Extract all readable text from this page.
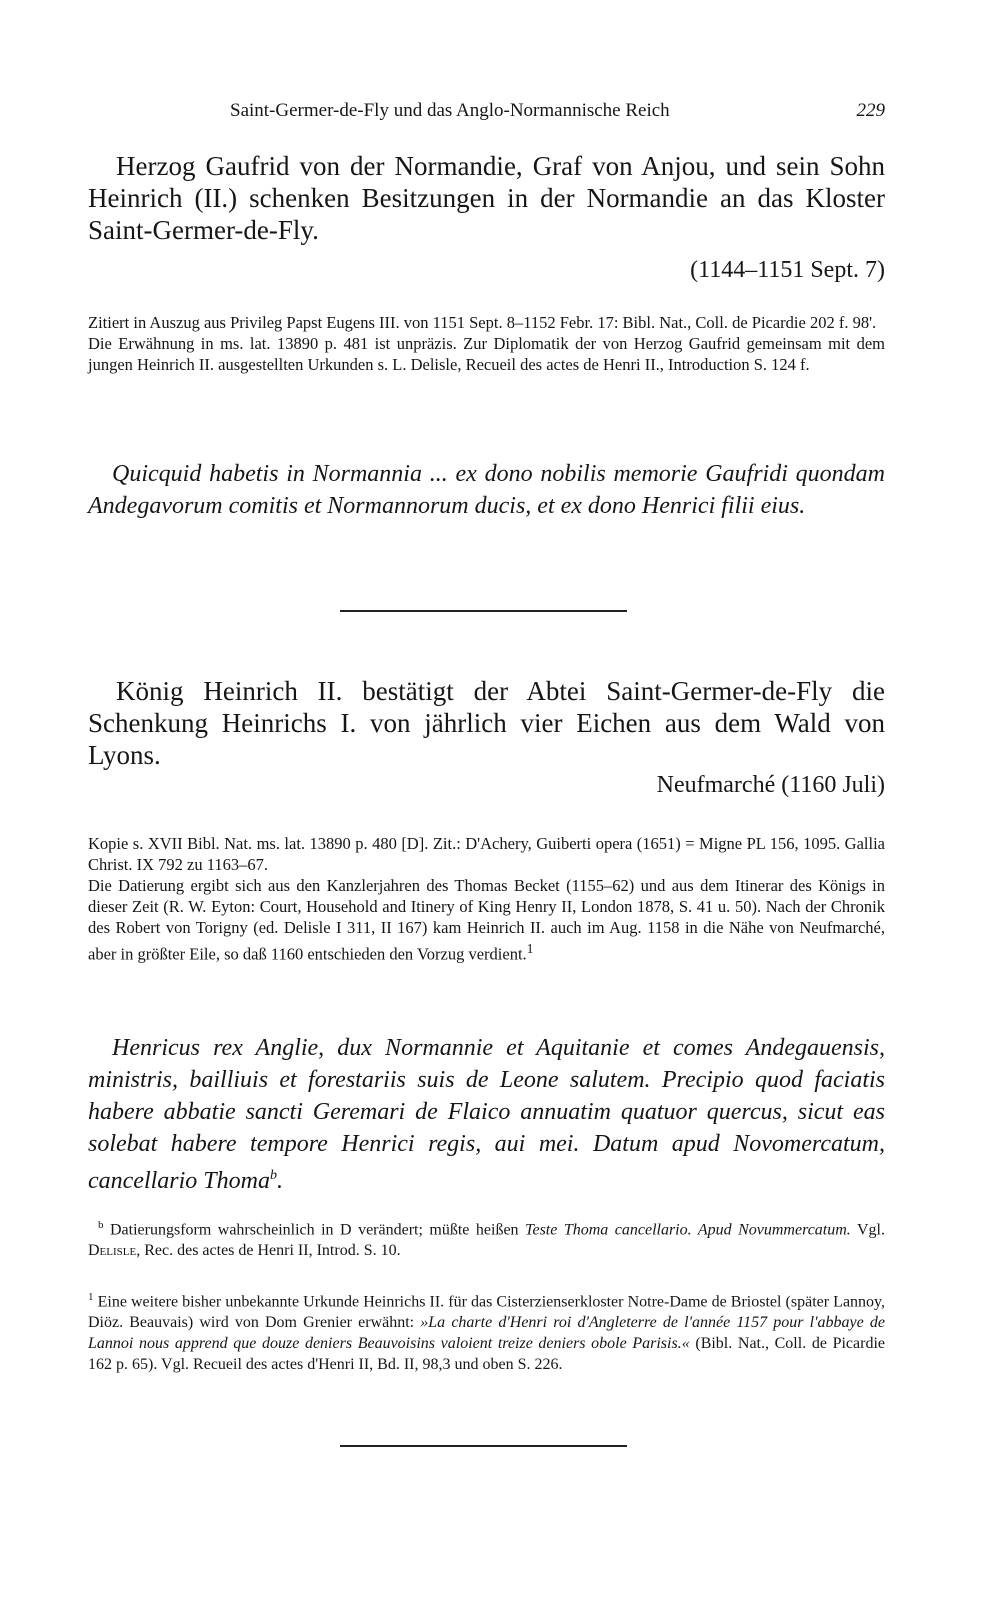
Saint-Germer-de-Fly und das Anglo-Normannische Reich	229
Herzog Gaufrid von der Normandie, Graf von Anjou, und sein Sohn Heinrich (II.) schenken Besitzungen in der Normandie an das Kloster Saint-Germer-de-Fly.
(1144–1151 Sept. 7)

Zitiert in Auszug aus Privileg Papst Eugens III. von 1151 Sept. 8–1152 Febr. 17: Bibl. Nat., Coll. de Picardie 202 f. 98'.

Die Erwähnung in ms. lat. 13890 p. 481 ist unpräzis. Zur Diplomatik der von Herzog Gaufrid gemeinsam mit dem jungen Heinrich II. ausgestellten Urkunden s. L. Delisle, Recueil des actes de Henri II., Introduction S. 124 f.

Quicquid habetis in Normannia ... ex dono nobilis memorie Gaufridi quondam Andegavorum comitis et Normannorum ducis, et ex dono Henrici filii eius.
König Heinrich II. bestätigt der Abtei Saint-Germer-de-Fly die Schenkung Heinrichs I. von jährlich vier Eichen aus dem Wald von Lyons.
Neufmarché (1160 Juli)

Kopie s. XVII Bibl. Nat. ms. lat. 13890 p. 480 [D]. Zit.: D'Achery, Guiberti opera (1651) = Migne PL 156, 1095. Gallia Christ. IX 792 zu 1163–67.

Die Datierung ergibt sich aus den Kanzlerjahren des Thomas Becket (1155–62) und aus dem Itinerar des Königs in dieser Zeit (R. W. Eyton: Court, Household and Itinery of King Henry II, London 1878, S. 41 u. 50). Nach der Chronik des Robert von Torigny (ed. Delisle I 311, II 167) kam Heinrich II. auch im Aug. 1158 in die Nähe von Neufmarché, aber in größter Eile, so daß 1160 entschieden den Vorzug verdient.$^1$

Henricus rex Anglie, dux Normannie et Aquitanie et comes Andegauensis, ministris, bailliuis et forestariis suis de Leone salutem. Precipio quod faciatis habere abbatie sancti Geremari de Flaico annuatim quatuor quercus, sicut eas solebat habere tempore Henrici regis, aui mei. Datum apud Novomercatum, cancellario Thoma$^b$.
$^b$ Datierungsform wahrscheinlich in D verändert; müßte heißen Teste Thoma cancellario. Apud Novummercatum. Vgl. Delisle, Rec. des actes de Henri II, Introd. S. 10.
$^1$ Eine weitere bisher unbekannte Urkunde Heinrichs II. für das Cisterzienserkloster Notre-Dame de Briostel (später Lannoy, Diöz. Beauvais) wird von Dom Grenier erwähnt: »La charte d'Henri roi d'Angleterre de l'année 1157 pour l'abbaye de Lannoi nous apprend que douze deniers Beauvoisins valoient treize deniers obole Parisis.« (Bibl. Nat., Coll. de Picardie 162 p. 65). Vgl. Recueil des actes d'Henri II, Bd. II, 98,3 und oben S. 226.
